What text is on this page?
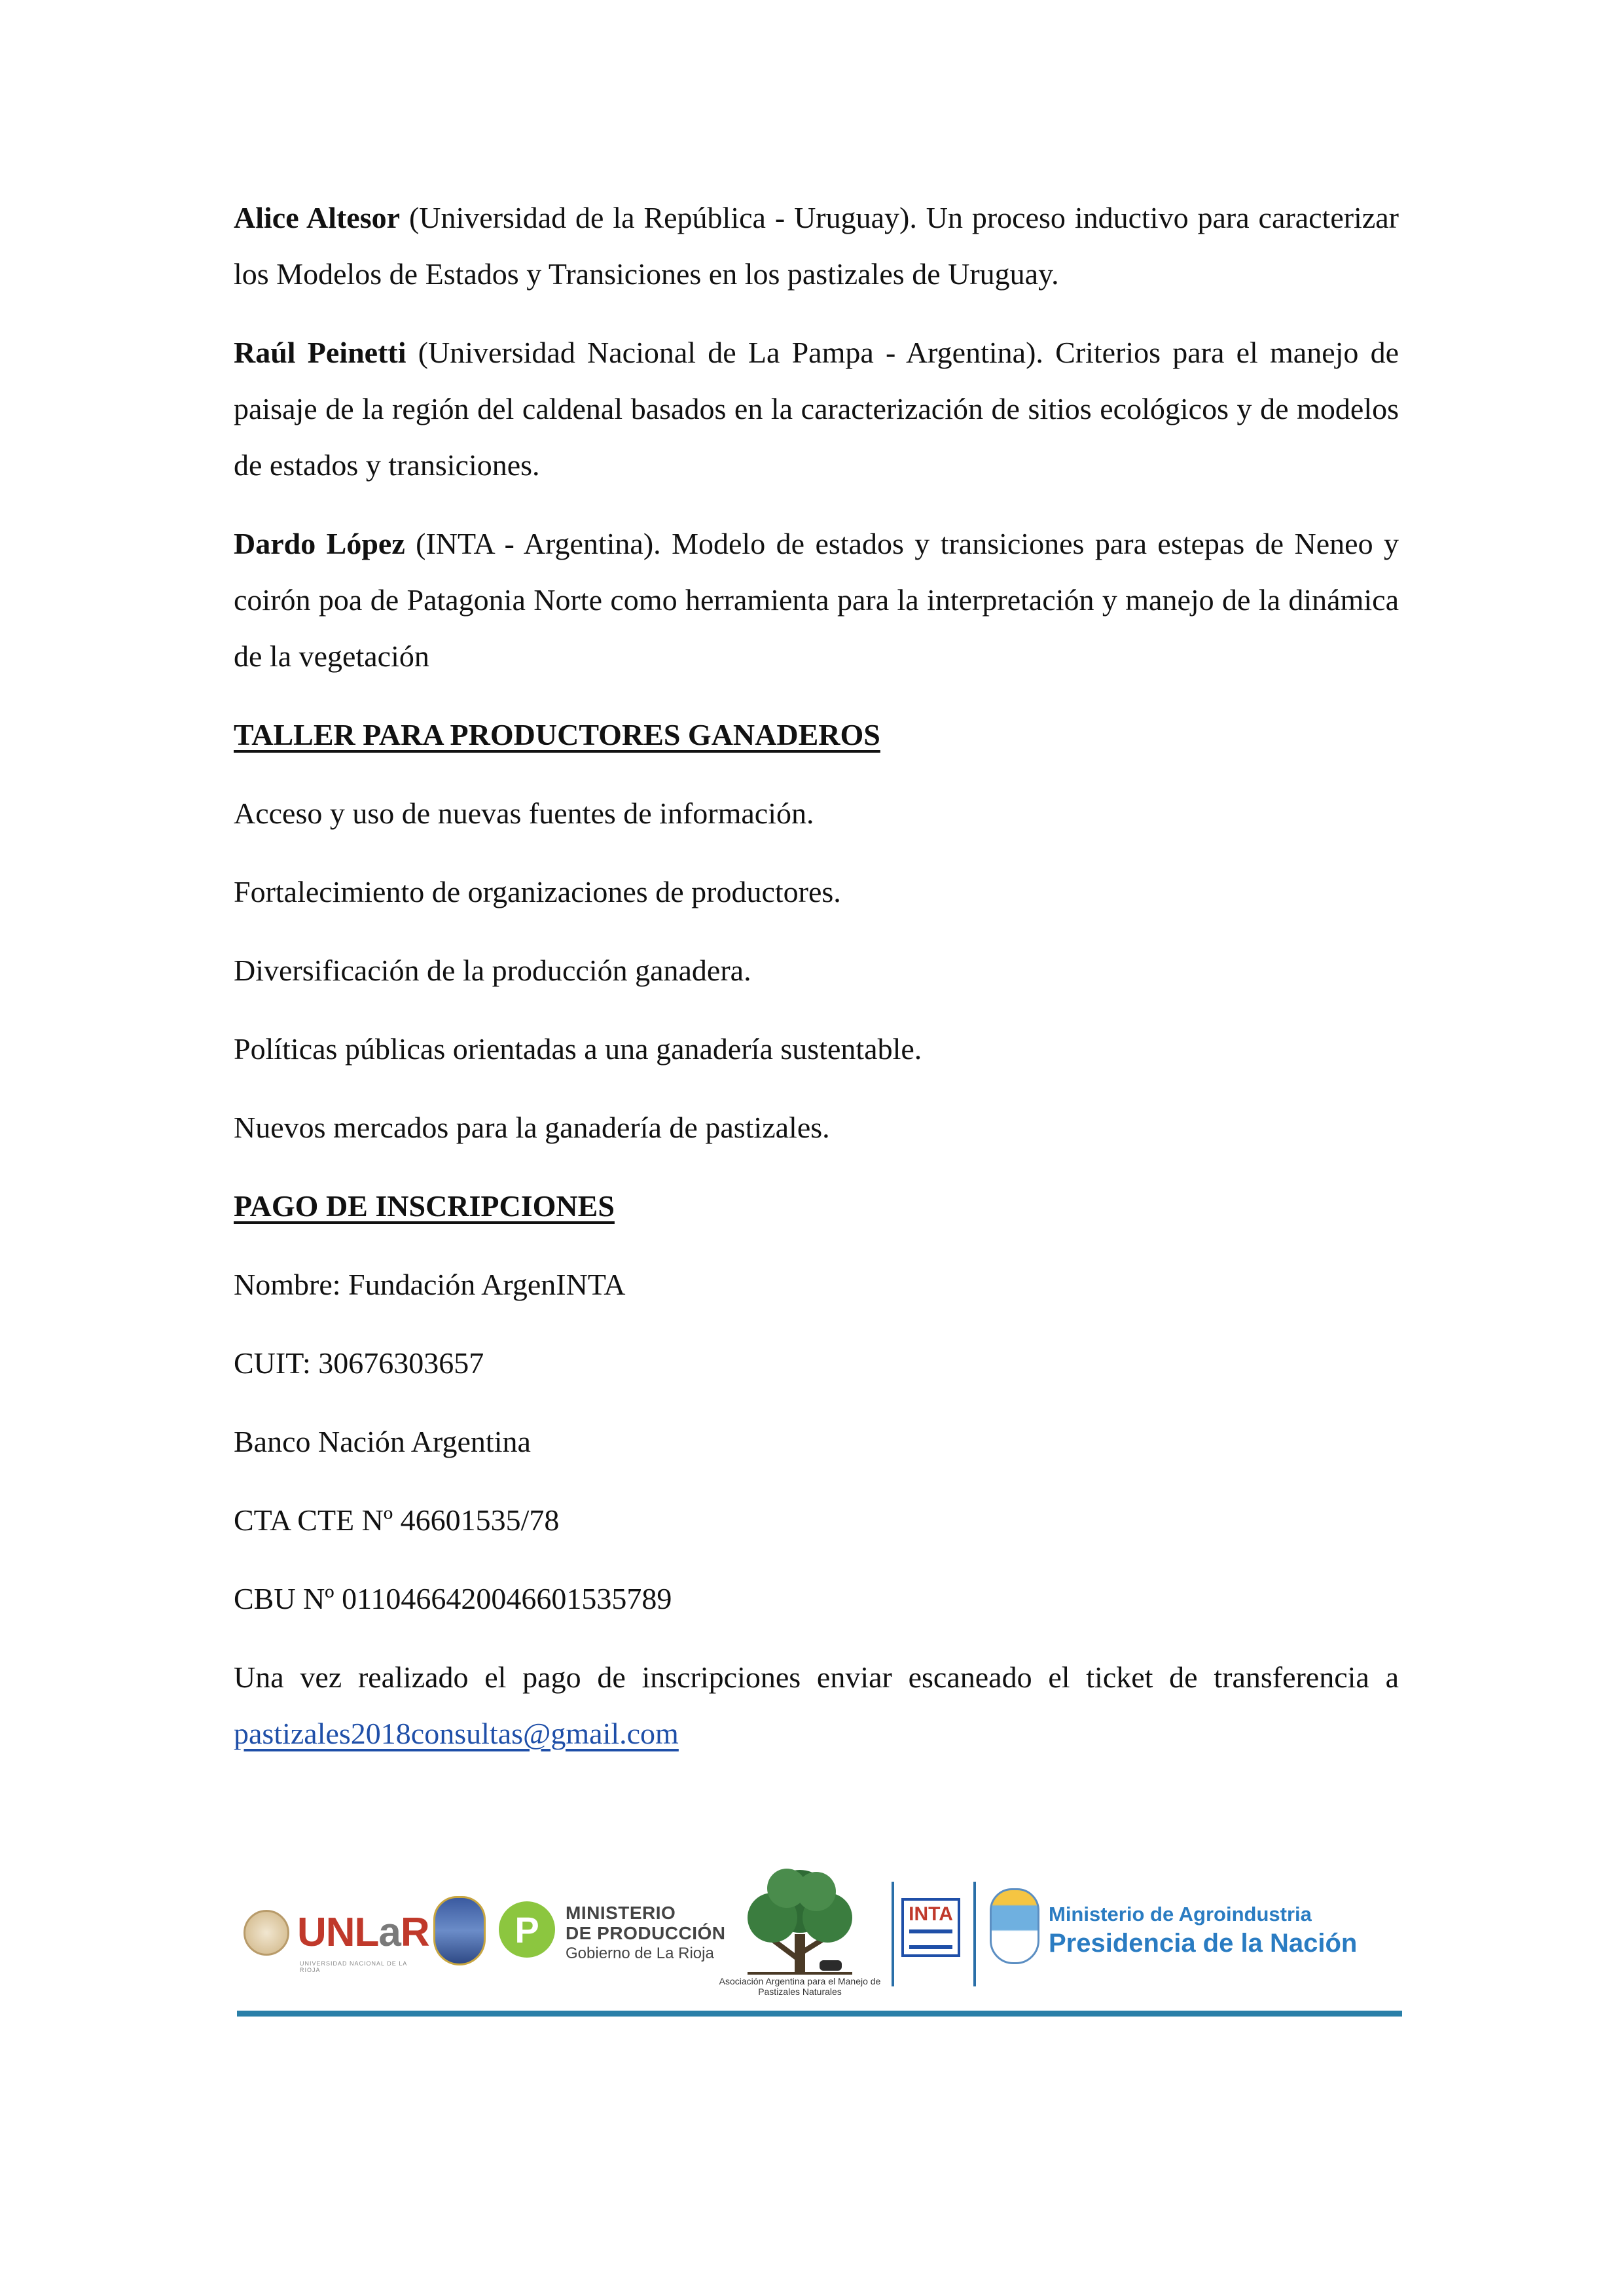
Alice Altesor (Universidad de la República - Uruguay). Un proceso inductivo para caracterizar los Modelos de Estados y Transiciones en los pastizales de Uruguay.

Raúl Peinetti (Universidad Nacional de La Pampa - Argentina). Criterios para el manejo de paisaje de la región del caldenal basados en la caracterización de sitios ecológicos y de modelos de estados y transiciones.

Dardo López (INTA - Argentina). Modelo de estados y transiciones para estepas de Neneo y coirón poa de Patagonia Norte como herramienta para la interpretación y manejo de la dinámica de la vegetación

TALLER PARA PRODUCTORES GANADEROS
Acceso y uso de nuevas fuentes de información.
Fortalecimiento de organizaciones de productores.
Diversificación de la producción ganadera.
Políticas públicas orientadas a una ganadería sustentable.
Nuevos mercados para la ganadería de pastizales.
PAGO DE INSCRIPCIONES
Nombre: Fundación ArgenINTA
CUIT: 30676303657
Banco Nación Argentina
CTA CTE Nº 46601535/78
CBU Nº 0110466420046601535789

Una vez realizado el pago de inscripciones enviar escaneado el ticket de transferencia a pastizales2018consultas@gmail.com

UNLaR
UNIVERSIDAD NACIONAL DE LA RIOJA
P	MINISTERIO
DE PRODUCCIÓN
Gobierno de La Rioja
Asociación Argentina para el Manejo de Pastizales Naturales
INTA	Ministerio de Agroindustria
Presidencia de la Nación
